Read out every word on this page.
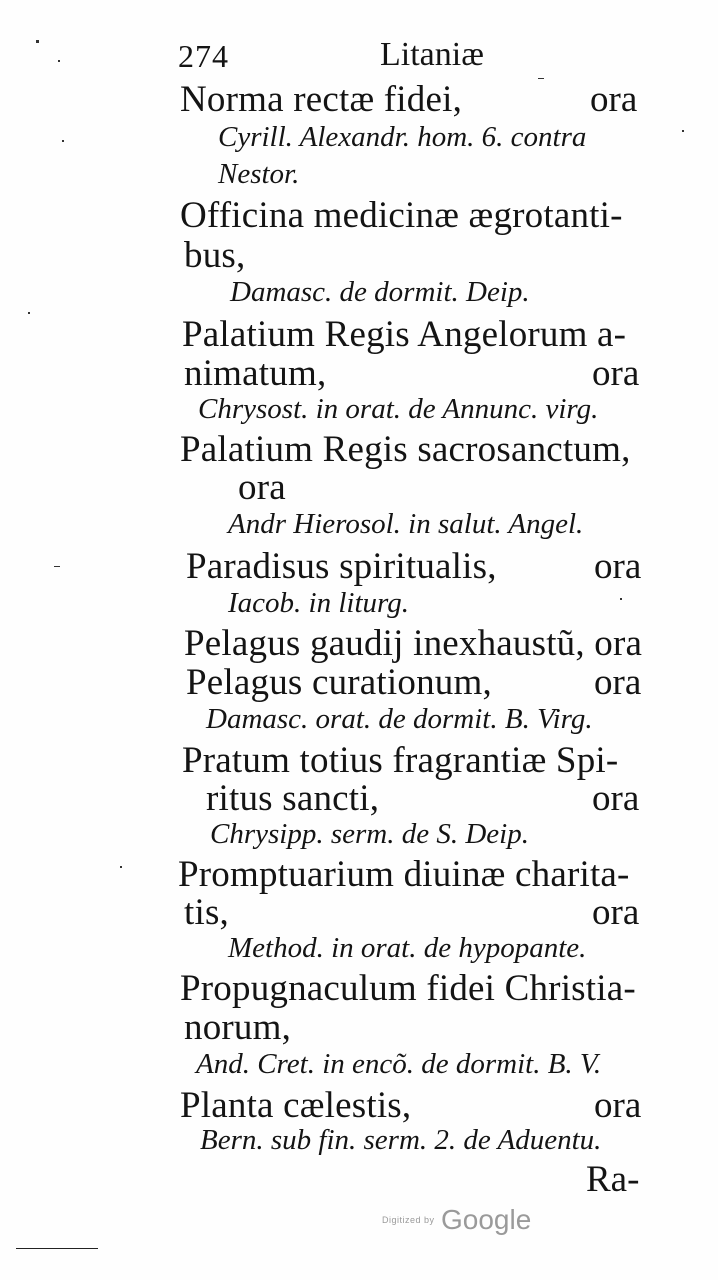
274	Litaniæ
Norma rectæ fidei,	ora
Cyrill. Alexandr. hom. 6. contra
Nestor.
Officina medicinæ ægrotanti-
bus,
Damasc. de dormit. Deip.
Palatium Regis Angelorum a-
nimatum,	ora
Chrysost. in orat. de Annunc. virg.
Palatium Regis sacrosanctum,
ora
Andr Hierosol. in salut. Angel.
Paradisus spiritualis,	ora
Iacob. in liturg.
Pelagus gaudij inexhaustũ, ora
Pelagus curationum,	ora
Damasc. orat. de dormit. B. Virg.
Pratum totius fragrantiæ Spi-
ritus sancti,	ora
Chrysipp. serm. de S. Deip.
Promptuarium diuinæ charita-
tis,	ora
Method. in orat. de hypopante.
Propugnaculum fidei Christia-
norum,
And. Cret. in encõ. de dormit. B. V.
Planta cælestis,	ora
Bern. sub fin. serm. 2. de Aduentu.
Ra-
Digitized by Google
